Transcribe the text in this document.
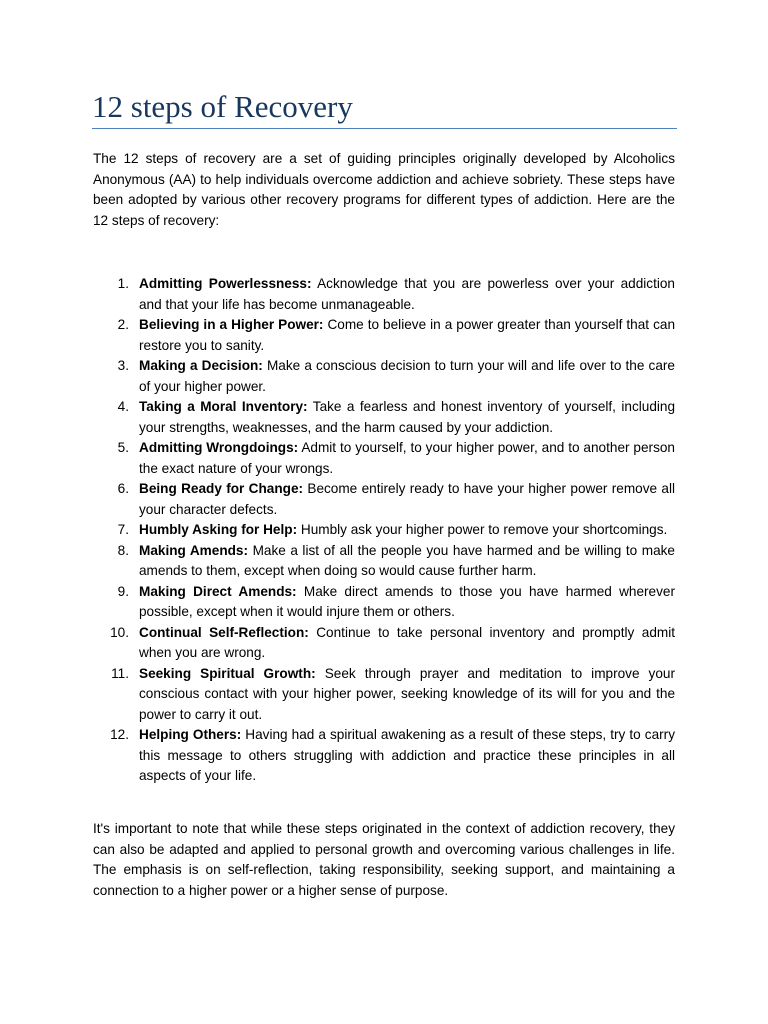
12 steps of Recovery

The 12 steps of recovery are a set of guiding principles originally developed by Alcoholics Anonymous (AA) to help individuals overcome addiction and achieve sobriety. These steps have been adopted by various other recovery programs for different types of addiction. Here are the 12 steps of recovery:

1. Admitting Powerlessness: Acknowledge that you are powerless over your addiction and that your life has become unmanageable.
2. Believing in a Higher Power: Come to believe in a power greater than yourself that can restore you to sanity.
3. Making a Decision: Make a conscious decision to turn your will and life over to the care of your higher power.
4. Taking a Moral Inventory: Take a fearless and honest inventory of yourself, including your strengths, weaknesses, and the harm caused by your addiction.
5. Admitting Wrongdoings: Admit to yourself, to your higher power, and to another person the exact nature of your wrongs.
6. Being Ready for Change: Become entirely ready to have your higher power remove all your character defects.
7. Humbly Asking for Help: Humbly ask your higher power to remove your shortcomings.
8. Making Amends: Make a list of all the people you have harmed and be willing to make amends to them, except when doing so would cause further harm.
9. Making Direct Amends: Make direct amends to those you have harmed wherever possible, except when it would injure them or others.
10. Continual Self-Reflection: Continue to take personal inventory and promptly admit when you are wrong.
11. Seeking Spiritual Growth: Seek through prayer and meditation to improve your conscious contact with your higher power, seeking knowledge of its will for you and the power to carry it out.
12. Helping Others: Having had a spiritual awakening as a result of these steps, try to carry this message to others struggling with addiction and practice these principles in all aspects of your life.

It's important to note that while these steps originated in the context of addiction recovery, they can also be adapted and applied to personal growth and overcoming various challenges in life. The emphasis is on self-reflection, taking responsibility, seeking support, and maintaining a connection to a higher power or a higher sense of purpose.
